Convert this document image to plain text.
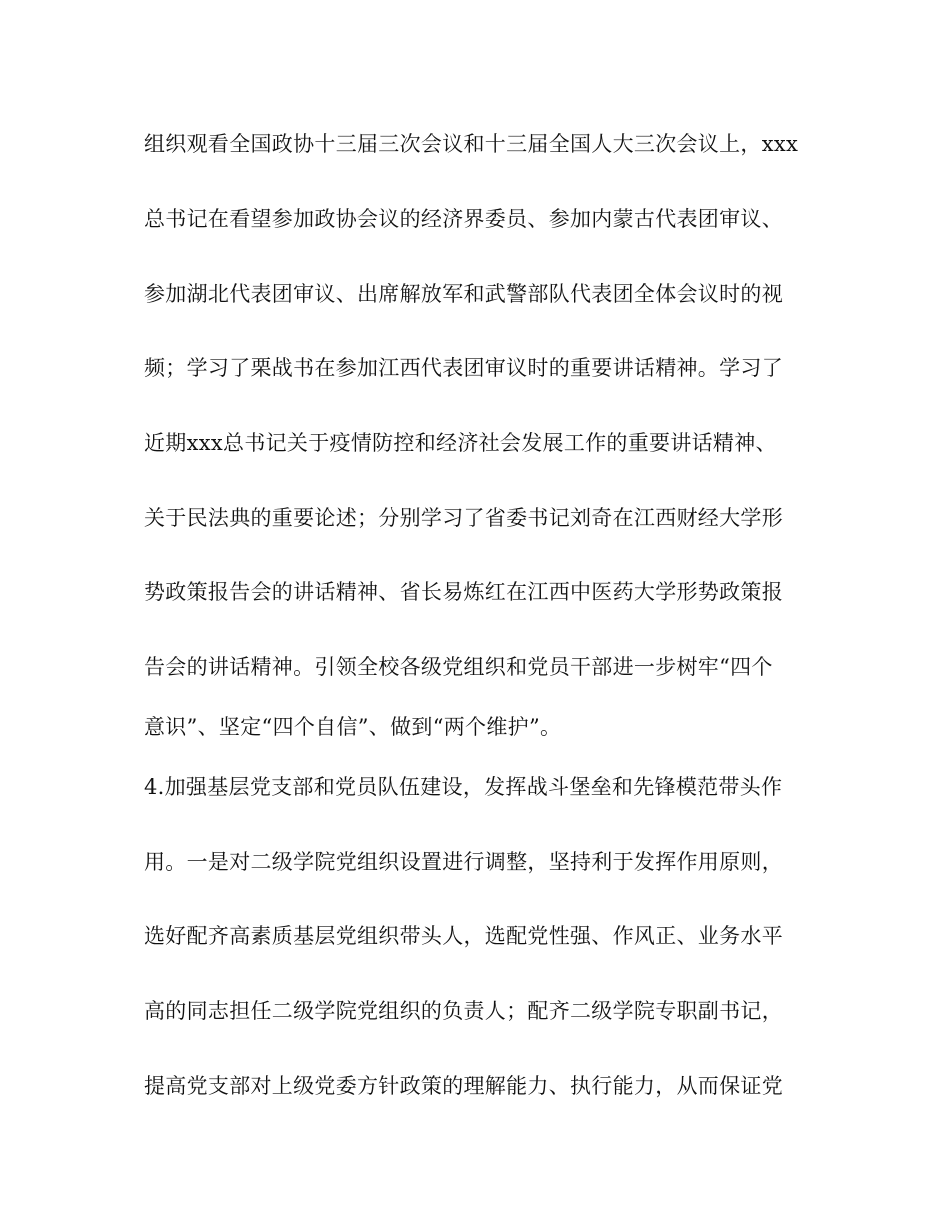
组织观看全国政协十三届三次会议和十三届全国人大三次会议上，xxx
总书记在看望参加政协会议的经济界委员、参加内蒙古代表团审议、
参加湖北代表团审议、出席解放军和武警部队代表团全体会议时的视
频；学习了栗战书在参加江西代表团审议时的重要讲话精神。学习了
近期xxx总书记关于疫情防控和经济社会发展工作的重要讲话精神、
关于民法典的重要论述；分别学习了省委书记刘奇在江西财经大学形
势政策报告会的讲话精神、省长易炼红在江西中医药大学形势政策报
告会的讲话精神。引领全校各级党组织和党员干部进一步树牢“四个
意识”、坚定“四个自信”、做到“两个维护”。
4.加强基层党支部和党员队伍建设，发挥战斗堡垒和先锋模范带头作
用。一是对二级学院党组织设置进行调整，坚持利于发挥作用原则，
选好配齐高素质基层党组织带头人，选配党性强、作风正、业务水平
高的同志担任二级学院党组织的负责人；配齐二级学院专职副书记，
提高党支部对上级党委方针政策的理解能力、执行能力，从而保证党
